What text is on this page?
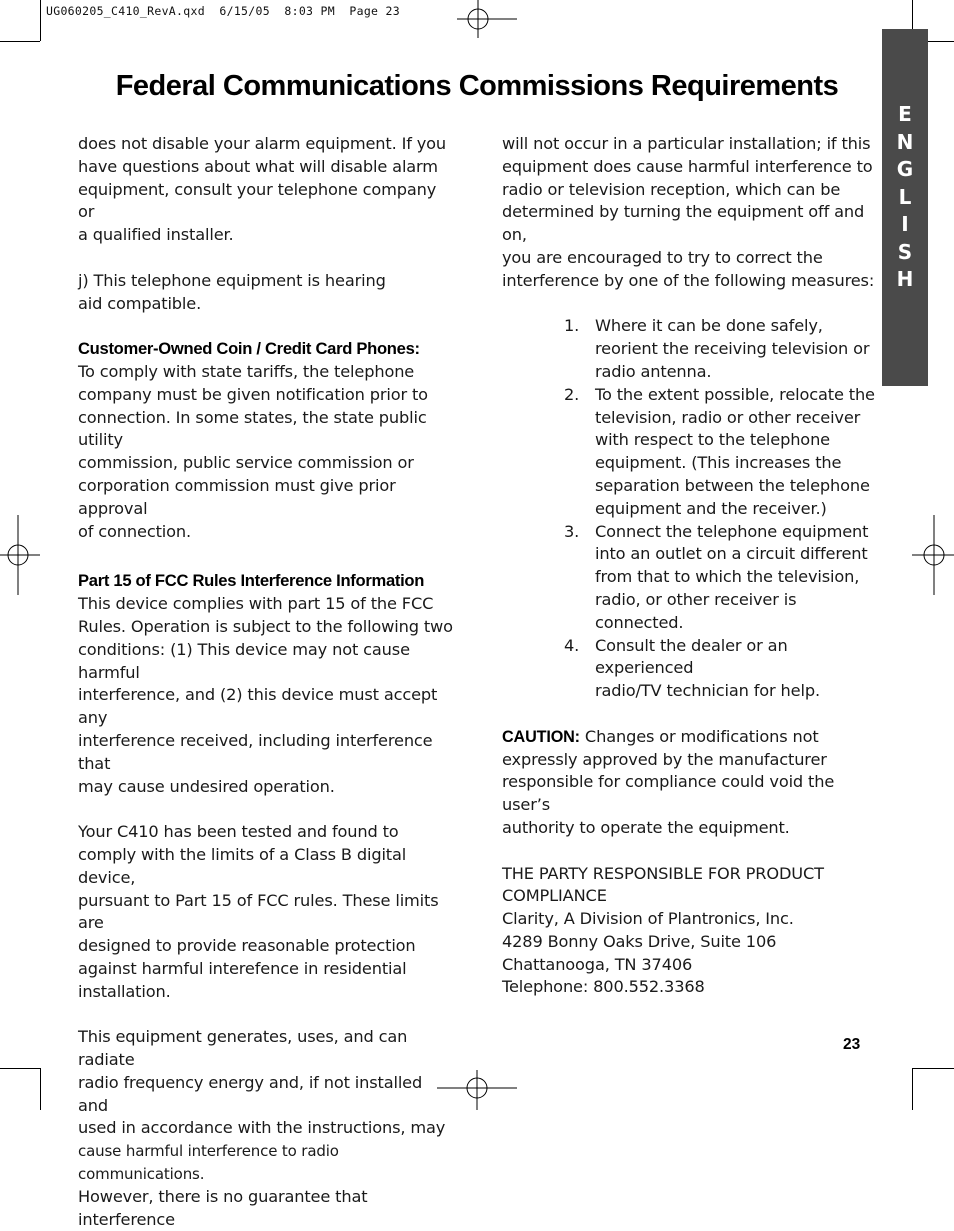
UG060205_C410_RevA.qxd  6/15/05  8:03 PM  Page 23
E
N
G
L
I
S
H
Federal Communications Commissions Requirements

does not disable your alarm equipment. If you
have questions about what will disable alarm
equipment, consult your telephone company or
a qualified installer.

j) This telephone equipment is hearing
aid compatible.

Customer-Owned Coin / Credit Card Phones:

To comply with state tariffs, the telephone
company must be given notification prior to
connection. In some states, the state public utility
commission, public service commission or
corporation commission must give prior approval
of connection.

Part 15 of FCC Rules Interference Information

This device complies with part 15 of the FCC
Rules. Operation is subject to the following two
conditions: (1) This device may not cause harmful
interference, and (2) this device must accept any
interference received, including interference that
may cause undesired operation.

Your C410 has been tested and found to
comply with the limits of a Class B digital device,
pursuant to Part 15 of FCC rules. These limits are
designed to provide reasonable protection
against harmful interefence in residential
installation.

This equipment generates, uses, and can radiate
radio frequency energy and, if not installed and
used in accordance with the instructions, may
cause harmful interference to radio communications.
However, there is no guarantee that interference

will not occur in a particular installation; if this
equipment does cause harmful interference to
radio or television reception, which can be
determined by turning the equipment off and on,
you are encouraged to try to correct the
interference by one of the following measures:

1. Where it can be done safely,
reorient the receiving television or
radio antenna.
2. To the extent possible, relocate the
television, radio or other receiver
with respect to the telephone
equipment. (This increases the
separation between the telephone
equipment and the receiver.)
3. Connect the telephone equipment
into an outlet on a circuit different
from that to which the television,
radio, or other receiver is connected.
4. Consult the dealer or an experienced
radio/TV technician for help.

CAUTION: Changes or modifications not
expressly approved by the manufacturer
responsible for compliance could void the user’s
authority to operate the equipment.

THE PARTY RESPONSIBLE FOR PRODUCT
COMPLIANCE
Clarity, A Division of Plantronics, Inc.
4289 Bonny Oaks Drive, Suite 106
Chattanooga, TN 37406
Telephone: 800.552.3368

23
